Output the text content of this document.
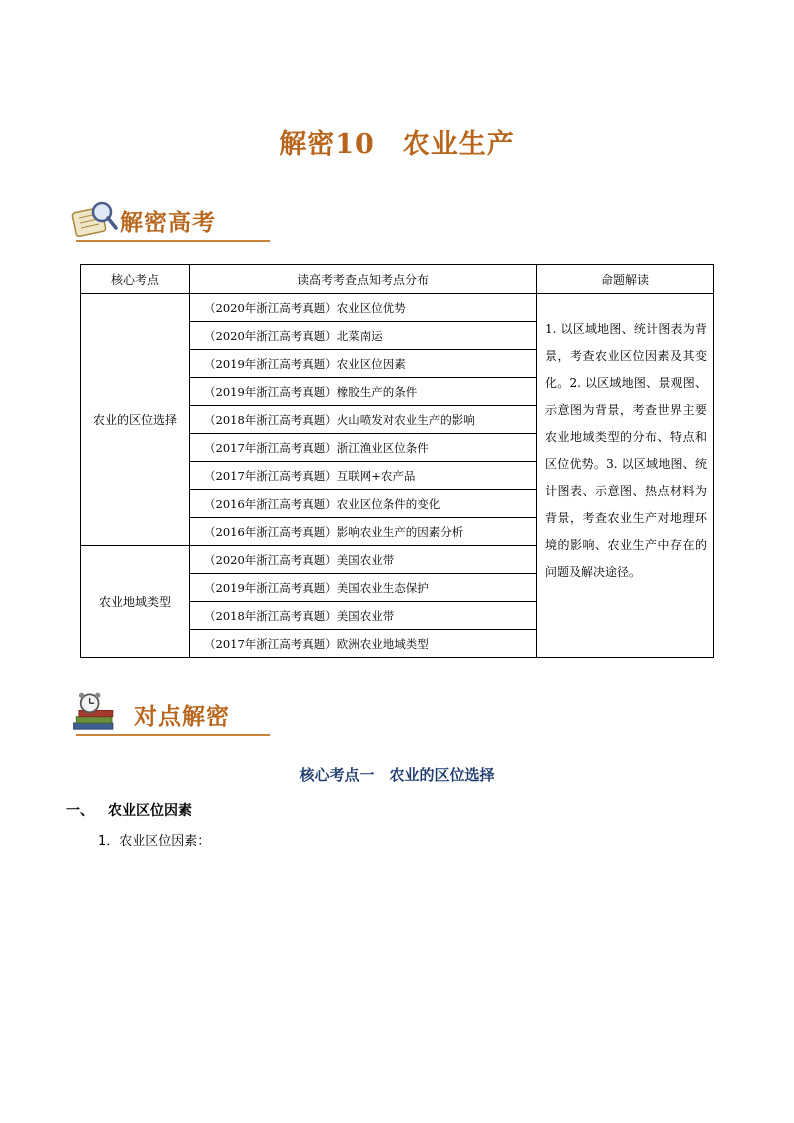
解密10　农业生产
解密高考
核心考点	读高考考查点知考点分布	命题解读
农业的区位选择	（2020年浙江高考真题）农业区位优势	1. 以区域地图、统计图表为背景，考查农业区位因素及其变化。2. 以区域地图、景观图、示意图为背景，考查世界主要农业地域类型的分布、特点和区位优势。3. 以区域地图、统计图表、示意图、热点材料为背景，考查农业生产对地理环境的影响、农业生产中存在的问题及解决途径。
	（2020年浙江高考真题）北菜南运	
	（2019年浙江高考真题）农业区位因素	
	（2019年浙江高考真题）橡胶生产的条件	
	（2018年浙江高考真题）火山喷发对农业生产的影响	
	（2017年浙江高考真题）浙江渔业区位条件	
	（2017年浙江高考真题）互联网+农产品	
	（2016年浙江高考真题）农业区位条件的变化	
	（2016年浙江高考真题）影响农业生产的因素分析	
农业地域类型	（2020年浙江高考真题）美国农业带	
	（2019年浙江高考真题）美国农业生态保护	
	（2018年浙江高考真题）美国农业带	
	（2017年浙江高考真题）欧洲农业地域类型	
对点解密
核心考点一　农业的区位选择
一、 农业区位因素
1．农业区位因素：
